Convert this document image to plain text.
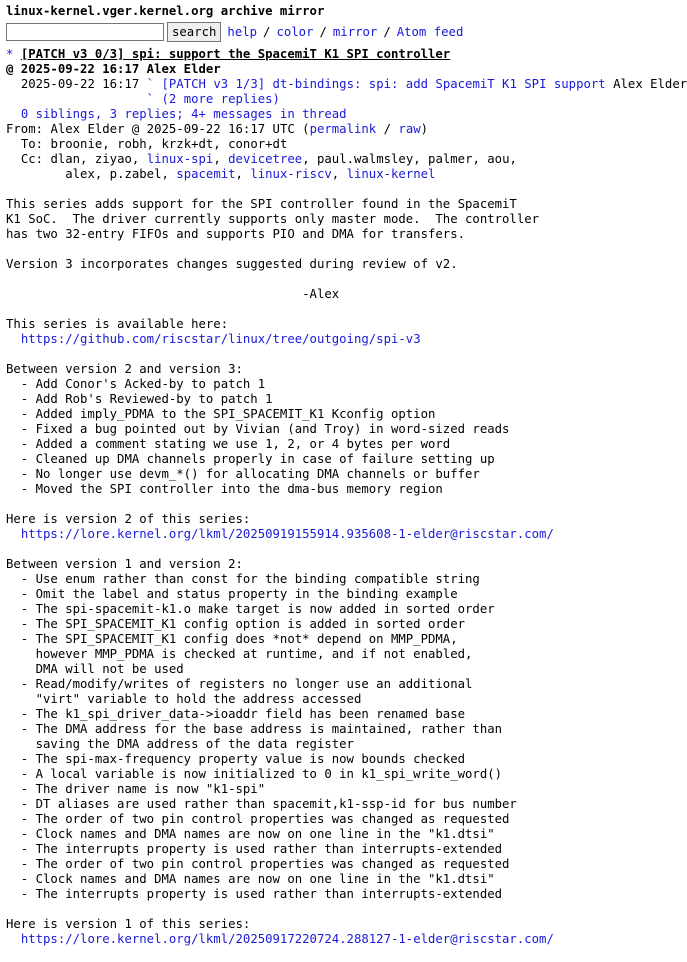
linux-kernel.vger.kernel.org archive mirror
search help / color / mirror / Atom feed
* [PATCH v3 0/3] spi: support the SpacemiT K1 SPI controller
@ 2025-09-22 16:17 Alex Elder
2025-09-22 16:17 ` [PATCH v3 1/3] dt-bindings: spi: add SpacemiT K1 SPI support Alex Elder
` (2 more replies)
0 siblings, 3 replies; 4+ messages in thread
From: Alex Elder @ 2025-09-22 16:17 UTC (permalink / raw)
To: broonie, robh, krzk+dt, conor+dt
Cc: dlan, ziyao, linux-spi, devicetree, paul.walmsley, palmer, aou,
alex, p.zabel, spacemit, linux-riscv, linux-kernel
This series adds support for the SPI controller found in the SpacemiT
K1 SoC.  The driver currently supports only master mode.  The controller
has two 32-entry FIFOs and supports PIO and DMA for transfers.

Version 3 incorporates changes suggested during review of v2.

					-Alex

This series is available here:
https://github.com/riscstar/linux/tree/outgoing/spi-v3
Between version 2 and version 3:
- Add Conor's Acked-by to patch 1
- Add Rob's Reviewed-by to patch 1
- Added imply_PDMA to the SPI_SPACEMIT_K1 Kconfig option
- Fixed a bug pointed out by Vivian (and Troy) in word-sized reads
- Added a comment stating we use 1, 2, or 4 bytes per word
- Cleaned up DMA channels properly in case of failure setting up
- No longer use devm_*() for allocating DMA channels or buffer
- Moved the SPI controller into the dma-bus memory region

Here is version 2 of this series:
https://lore.kernel.org/lkml/20250919155914.935608-1-elder@riscstar.com/
Between version 1 and version 2:
- Use enum rather than const for the binding compatible string
- Omit the label and status property in the binding example
- The spi-spacemit-k1.o make target is now added in sorted order
- The SPI_SPACEMIT_K1 config option is added in sorted order
- The SPI_SPACEMIT_K1 config does *not* depend on MMP_PDMA,
however MMP_PDMA is checked at runtime, and if not enabled,
DMA will not be used
- Read/modify/writes of registers no longer use an additional
"virt" variable to hold the address accessed
- The k1_spi_driver_data->ioaddr field has been renamed base
- The DMA address for the base address is maintained, rather than
saving the DMA address of the data register
- The spi-max-frequency property value is now bounds checked
- A local variable is now initialized to 0 in k1_spi_write_word()
- The driver name is now "k1-spi"
- DT aliases are used rather than spacemit,k1-ssp-id for bus number
- The order of two pin control properties was changed as requested
- Clock names and DMA names are now on one line in the "k1.dtsi"
- The interrupts property is used rather than interrupts-extended
- The order of two pin control properties was changed as requested
- Clock names and DMA names are now on one line in the "k1.dtsi"
- The interrupts property is used rather than interrupts-extended

Here is version 1 of this series:
https://lore.kernel.org/lkml/20250917220724.288127-1-elder@riscstar.com/
